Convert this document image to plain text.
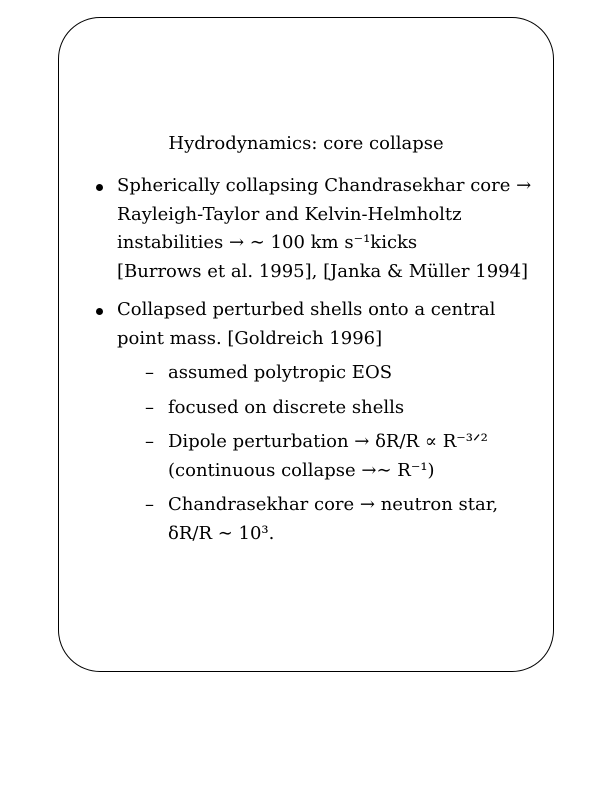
Hydrodynamics: core collapse
Spherically collapsing Chandrasekhar core →
Rayleigh-Taylor and Kelvin-Helmholtz
instabilities → ∼ 100 km s⁻¹kicks
[Burrows et al. 1995], [Janka & Müller 1994]
Collapsed perturbed shells onto a central
point mass. [Goldreich 1996]
– assumed polytropic EOS
– focused on discrete shells
– Dipole perturbation → δR/R ∝ R⁻³ᐟ²
(continuous collapse →∼ R⁻¹)
– Chandrasekhar core → neutron star,
δR/R ∼ 10³.
